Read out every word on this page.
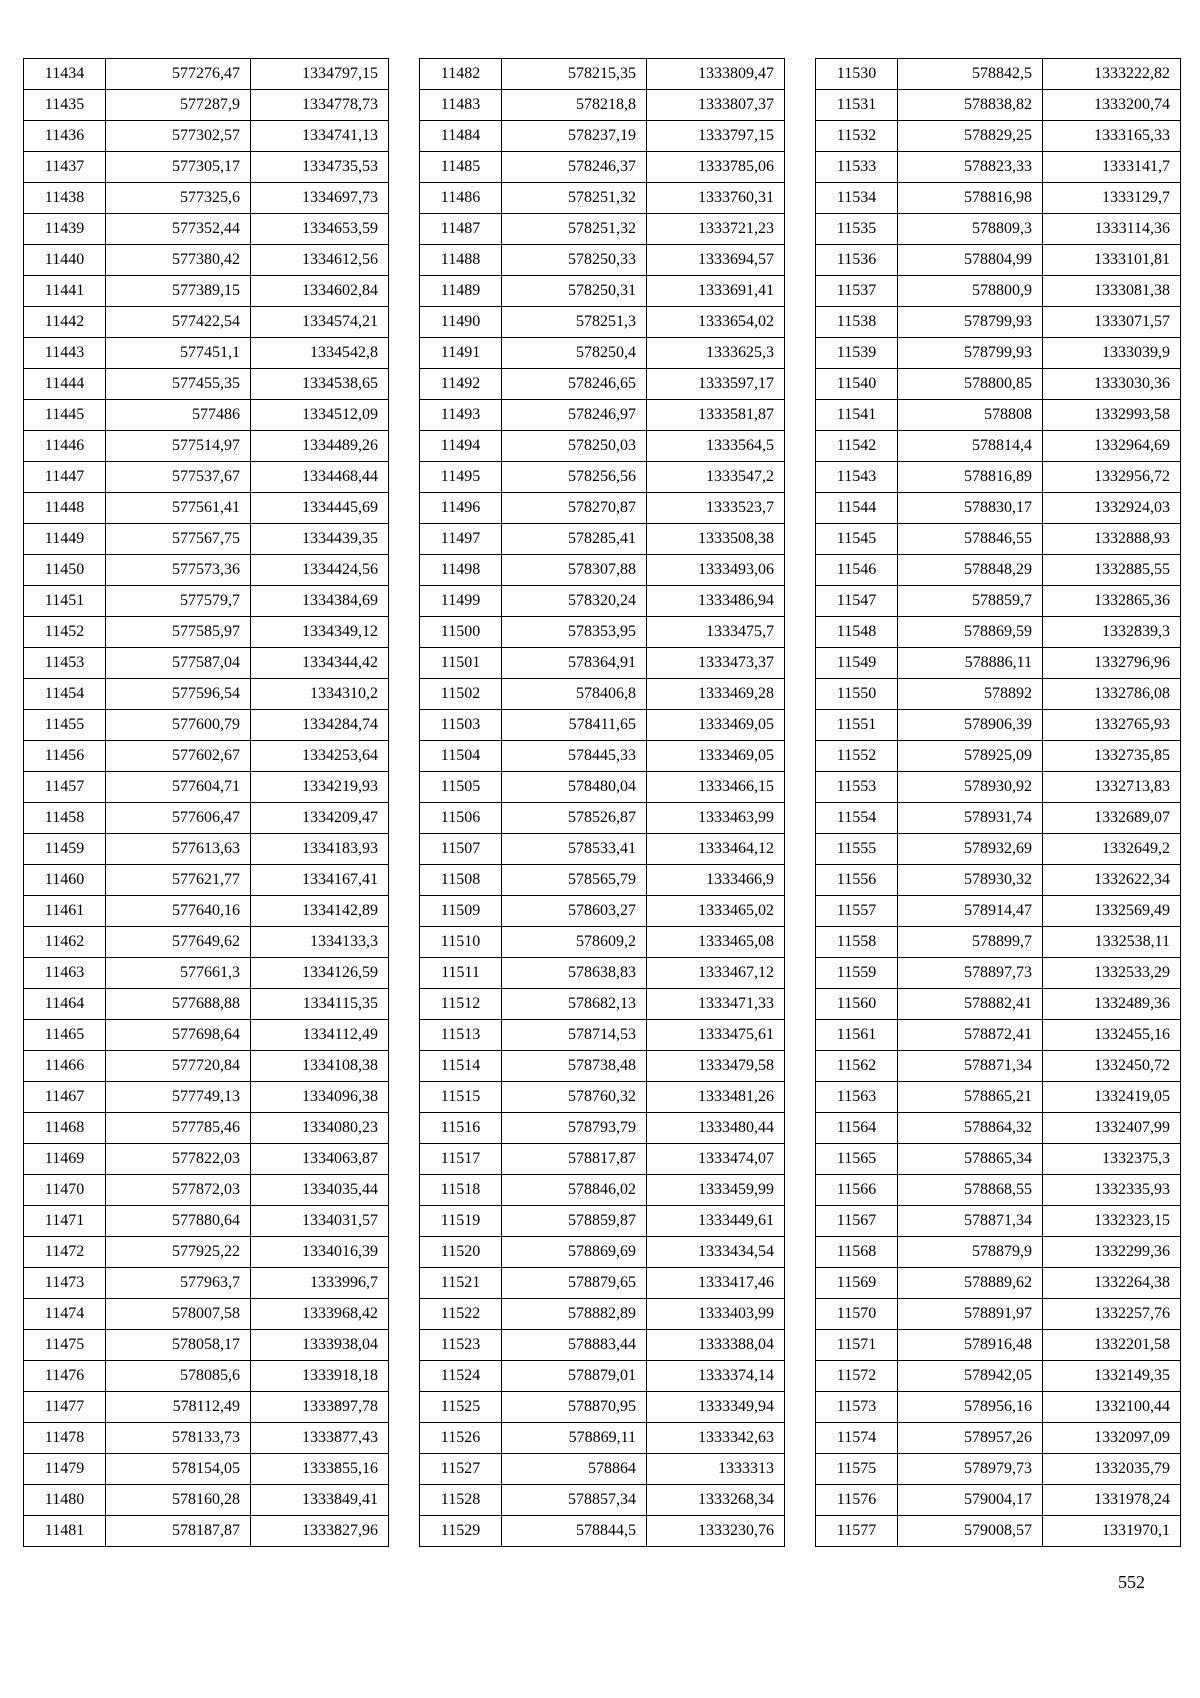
11434	577276,47	1334797,15
11435	577287,9	1334778,73
11436	577302,57	1334741,13
11437	577305,17	1334735,53
11438	577325,6	1334697,73
11439	577352,44	1334653,59
11440	577380,42	1334612,56
11441	577389,15	1334602,84
11442	577422,54	1334574,21
11443	577451,1	1334542,8
11444	577455,35	1334538,65
11445	577486	1334512,09
11446	577514,97	1334489,26
11447	577537,67	1334468,44
11448	577561,41	1334445,69
11449	577567,75	1334439,35
11450	577573,36	1334424,56
11451	577579,7	1334384,69
11452	577585,97	1334349,12
11453	577587,04	1334344,42
11454	577596,54	1334310,2
11455	577600,79	1334284,74
11456	577602,67	1334253,64
11457	577604,71	1334219,93
11458	577606,47	1334209,47
11459	577613,63	1334183,93
11460	577621,77	1334167,41
11461	577640,16	1334142,89
11462	577649,62	1334133,3
11463	577661,3	1334126,59
11464	577688,88	1334115,35
11465	577698,64	1334112,49
11466	577720,84	1334108,38
11467	577749,13	1334096,38
11468	577785,46	1334080,23
11469	577822,03	1334063,87
11470	577872,03	1334035,44
11471	577880,64	1334031,57
11472	577925,22	1334016,39
11473	577963,7	1333996,7
11474	578007,58	1333968,42
11475	578058,17	1333938,04
11476	578085,6	1333918,18
11477	578112,49	1333897,78
11478	578133,73	1333877,43
11479	578154,05	1333855,16
11480	578160,28	1333849,41
11481	578187,87	1333827,96
11482	578215,35	1333809,47
11483	578218,8	1333807,37
11484	578237,19	1333797,15
11485	578246,37	1333785,06
11486	578251,32	1333760,31
11487	578251,32	1333721,23
11488	578250,33	1333694,57
11489	578250,31	1333691,41
11490	578251,3	1333654,02
11491	578250,4	1333625,3
11492	578246,65	1333597,17
11493	578246,97	1333581,87
11494	578250,03	1333564,5
11495	578256,56	1333547,2
11496	578270,87	1333523,7
11497	578285,41	1333508,38
11498	578307,88	1333493,06
11499	578320,24	1333486,94
11500	578353,95	1333475,7
11501	578364,91	1333473,37
11502	578406,8	1333469,28
11503	578411,65	1333469,05
11504	578445,33	1333469,05
11505	578480,04	1333466,15
11506	578526,87	1333463,99
11507	578533,41	1333464,12
11508	578565,79	1333466,9
11509	578603,27	1333465,02
11510	578609,2	1333465,08
11511	578638,83	1333467,12
11512	578682,13	1333471,33
11513	578714,53	1333475,61
11514	578738,48	1333479,58
11515	578760,32	1333481,26
11516	578793,79	1333480,44
11517	578817,87	1333474,07
11518	578846,02	1333459,99
11519	578859,87	1333449,61
11520	578869,69	1333434,54
11521	578879,65	1333417,46
11522	578882,89	1333403,99
11523	578883,44	1333388,04
11524	578879,01	1333374,14
11525	578870,95	1333349,94
11526	578869,11	1333342,63
11527	578864	1333313
11528	578857,34	1333268,34
11529	578844,5	1333230,76
11530	578842,5	1333222,82
11531	578838,82	1333200,74
11532	578829,25	1333165,33
11533	578823,33	1333141,7
11534	578816,98	1333129,7
11535	578809,3	1333114,36
11536	578804,99	1333101,81
11537	578800,9	1333081,38
11538	578799,93	1333071,57
11539	578799,93	1333039,9
11540	578800,85	1333030,36
11541	578808	1332993,58
11542	578814,4	1332964,69
11543	578816,89	1332956,72
11544	578830,17	1332924,03
11545	578846,55	1332888,93
11546	578848,29	1332885,55
11547	578859,7	1332865,36
11548	578869,59	1332839,3
11549	578886,11	1332796,96
11550	578892	1332786,08
11551	578906,39	1332765,93
11552	578925,09	1332735,85
11553	578930,92	1332713,83
11554	578931,74	1332689,07
11555	578932,69	1332649,2
11556	578930,32	1332622,34
11557	578914,47	1332569,49
11558	578899,7	1332538,11
11559	578897,73	1332533,29
11560	578882,41	1332489,36
11561	578872,41	1332455,16
11562	578871,34	1332450,72
11563	578865,21	1332419,05
11564	578864,32	1332407,99
11565	578865,34	1332375,3
11566	578868,55	1332335,93
11567	578871,34	1332323,15
11568	578879,9	1332299,36
11569	578889,62	1332264,38
11570	578891,97	1332257,76
11571	578916,48	1332201,58
11572	578942,05	1332149,35
11573	578956,16	1332100,44
11574	578957,26	1332097,09
11575	578979,73	1332035,79
11576	579004,17	1331978,24
11577	579008,57	1331970,1
552
